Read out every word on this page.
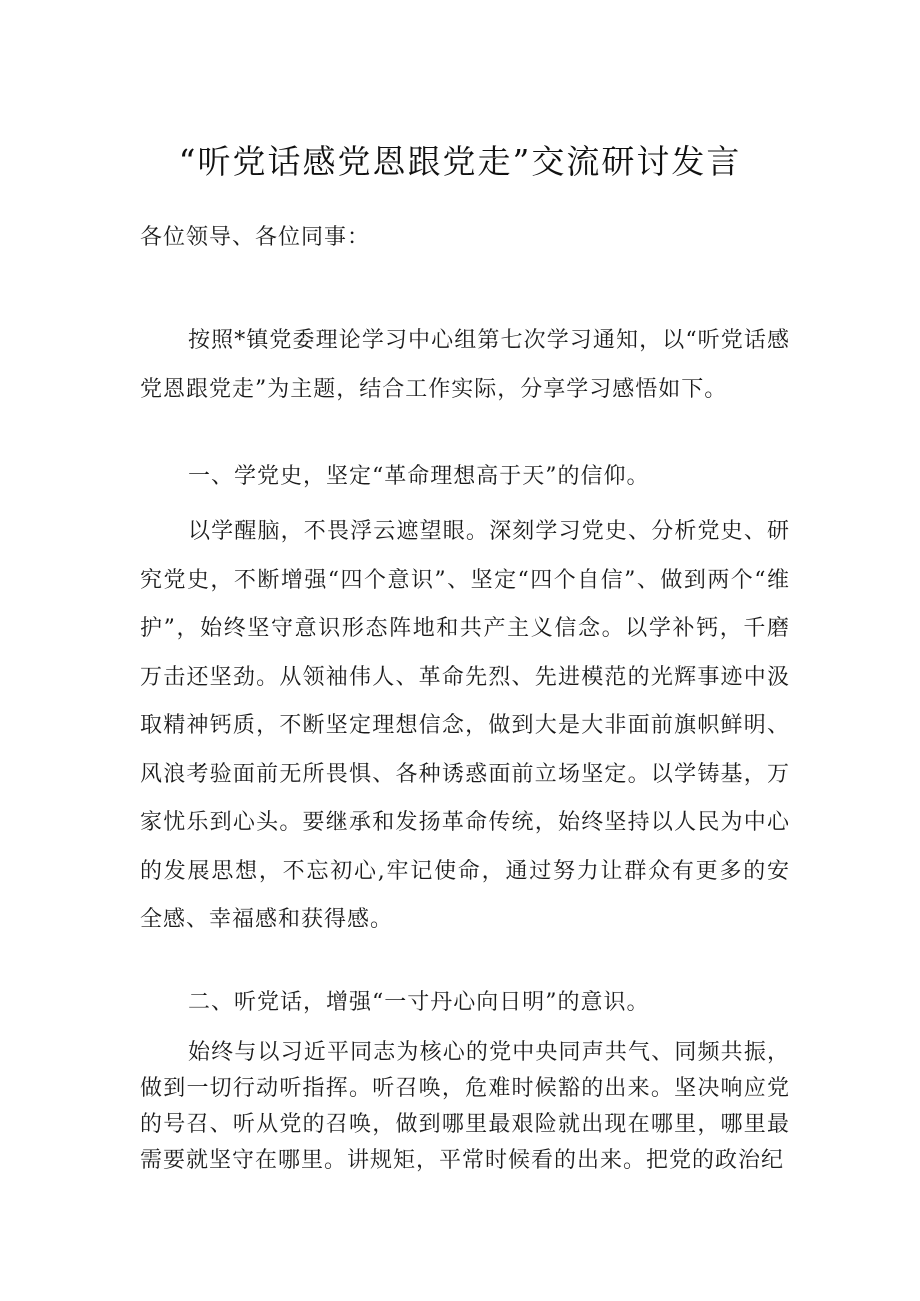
“听党话感党恩跟党走”交流研讨发言

各位领导、各位同事：

按照*镇党委理论学习中心组第七次学习通知，以“听党话感党恩跟党走”为主题，结合工作实际，分享学习感悟如下。

一、学党史，坚定“革命理想高于天”的信仰。

以学醒脑，不畏浮云遮望眼。深刻学习党史、分析党史、研究党史，不断增强“四个意识”、坚定“四个自信”、做到两个“维护”，始终坚守意识形态阵地和共产主义信念。以学补钙，千磨万击还坚劲。从领袖伟人、革命先烈、先进模范的光辉事迹中汲取精神钙质，不断坚定理想信念，做到大是大非面前旗帜鲜明、风浪考验面前无所畏惧、各种诱惑面前立场坚定。以学铸基，万家忧乐到心头。要继承和发扬革命传统，始终坚持以人民为中心的发展思想，不忘初心,牢记使命，通过努力让群众有更多的安全感、幸福感和获得感。

二、听党话，增强“一寸丹心向日明”的意识。

始终与以习近平同志为核心的党中央同声共气、同频共振，做到一切行动听指挥。听召唤，危难时候豁的出来。坚决响应党的号召、听从党的召唤，做到哪里最艰险就出现在哪里，哪里最需要就坚守在哪里。讲规矩，平常时候看的出来。把党的政治纪
